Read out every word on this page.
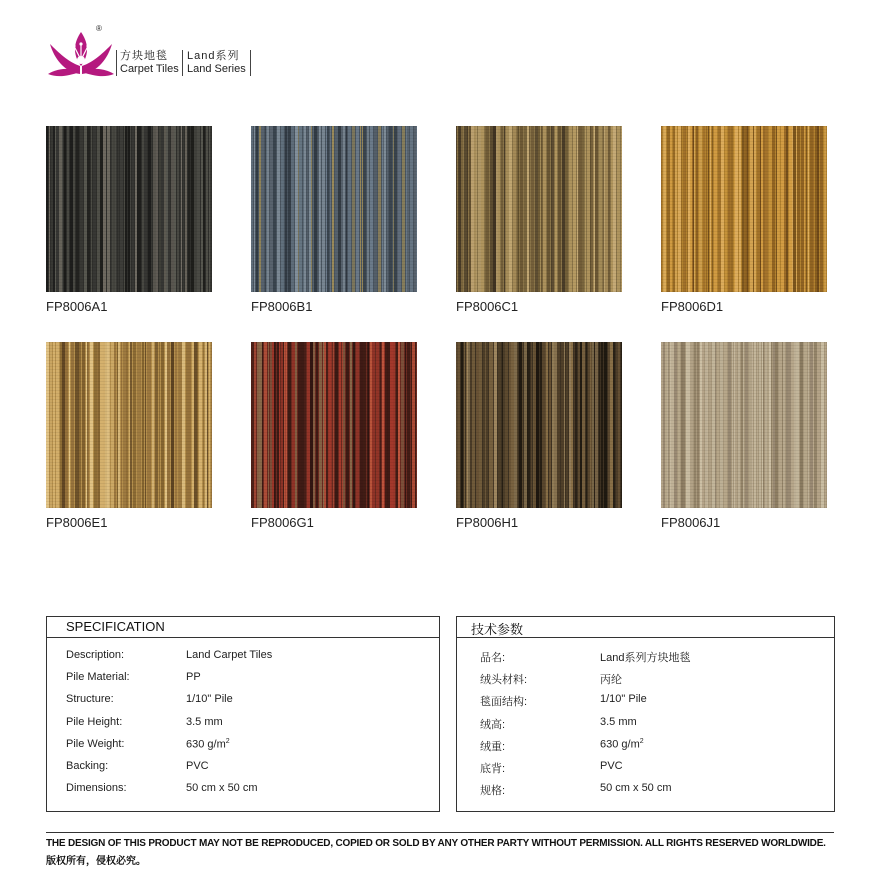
®
方块地毯
Carpet Tiles
Land系列
Land Series
FP8006A1	FP8006B1	FP8006C1	FP8006D1
FP8006E1	FP8006G1	FP8006H1	FP8006J1
SPECIFICATION
Description:	Land Carpet Tiles
Pile Material:	PP
Structure:	1/10" Pile
Pile Height:	3.5 mm
Pile Weight:	630 $g/m^2$
Backing:	PVC
Dimensions:	50 cm x 50 cm
技术参数
品名:	Land系列方块地毯
绒头材料:	丙纶
毯面结构:	1/10" Pile
绒高:	3.5 mm
绒重:	630 $g/m^2$
底背:	PVC
规格:	50 cm x 50 cm
THE DESIGN OF THIS PRODUCT MAY NOT BE REPRODUCED, COPIED OR SOLD BY ANY OTHER PARTY WITHOUT PERMISSION. ALL RIGHTS RESERVED WORLDWIDE.
版权所有，侵权必究。
